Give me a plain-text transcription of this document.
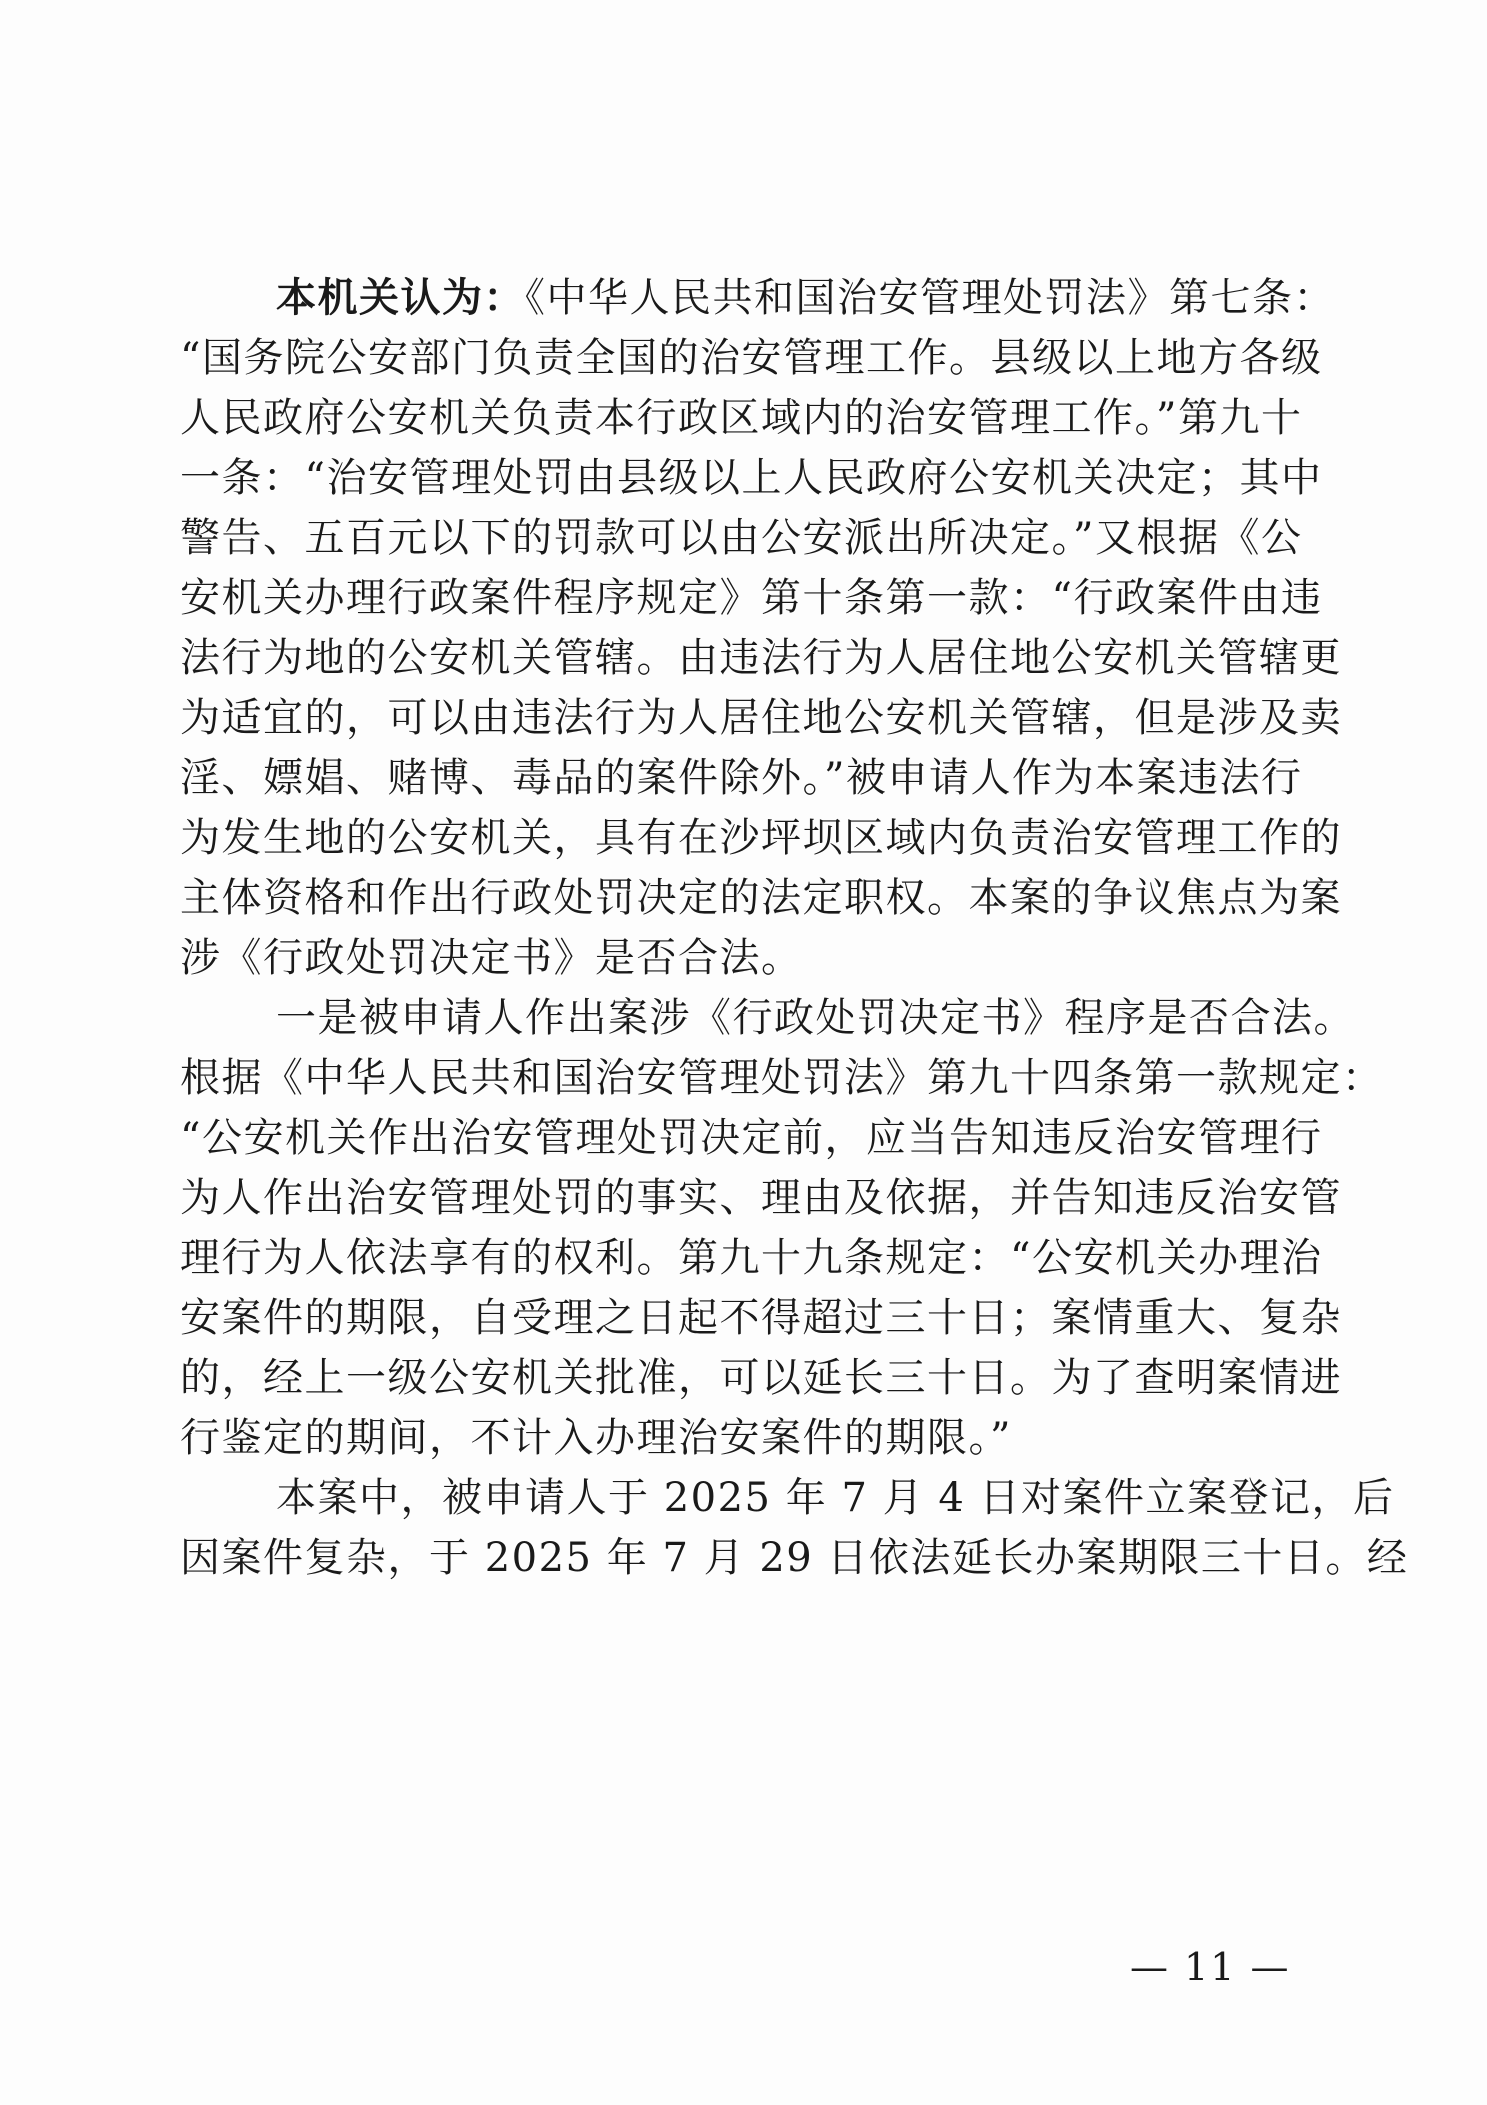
本机关认为：《中华人民共和国治安管理处罚法》第七条：
“国务院公安部门负责全国的治安管理工作。县级以上地方各级
人民政府公安机关负责本行政区域内的治安管理工作。”第九十
一条：“治安管理处罚由县级以上人民政府公安机关决定；其中
警告、五百元以下的罚款可以由公安派出所决定。”又根据《公
安机关办理行政案件程序规定》第十条第一款：“行政案件由违
法行为地的公安机关管辖。由违法行为人居住地公安机关管辖更
为适宜的，可以由违法行为人居住地公安机关管辖，但是涉及卖
淫、嫖娼、赌博、毒品的案件除外。”被申请人作为本案违法行
为发生地的公安机关，具有在沙坪坝区域内负责治安管理工作的
主体资格和作出行政处罚决定的法定职权。本案的争议焦点为案
涉《行政处罚决定书》是否合法。
一是被申请人作出案涉《行政处罚决定书》程序是否合法。
根据《中华人民共和国治安管理处罚法》第九十四条第一款规定：
“公安机关作出治安管理处罚决定前，应当告知违反治安管理行
为人作出治安管理处罚的事实、理由及依据，并告知违反治安管
理行为人依法享有的权利。第九十九条规定：“公安机关办理治
安案件的期限，自受理之日起不得超过三十日；案情重大、复杂
的，经上一级公安机关批准，可以延长三十日。为了查明案情进
行鉴定的期间，不计入办理治安案件的期限。”
本案中，被申请人于 2025 年 7 月 4 日对案件立案登记，后
因案件复杂，于 2025 年 7 月 29 日依法延长办案期限三十日。经
— 11 —
